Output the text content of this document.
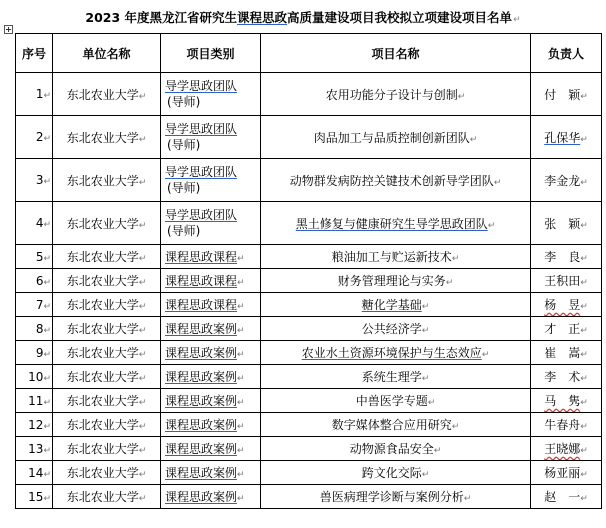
2023 年度黑龙江省研究生课程思政高质量建设项目我校拟立项建设项目名单↵
序号	单位名称	项目类别	项目名称	负责人
1↵	东北农业大学↵	导学思政团队
(导师)	农用功能分子设计与创制↵	付　颖↵
2↵	东北农业大学↵	导学思政团队
(导师)	肉品加工与品质控制创新团队↵	孔保华↵
3↵	东北农业大学↵	导学思政团队
(导师)	动物群发病防控关键技术创新导学团队↵	李金龙↵
4↵	东北农业大学↵	导学思政团队
(导师)	黑土修复与健康研究生导学思政团队↵	张　颖↵
5↵	东北农业大学↵	课程思政课程↵	粮油加工与贮运新技术↵	李　良↵
6↵	东北农业大学↵	课程思政课程↵	财务管理理论与实务↵	王积田↵
7↵	东北农业大学↵	课程思政课程↵	糖化学基础↵	杨　昱↵
8↵	东北农业大学↵	课程思政案例↵	公共经济学↵	才　正↵
9↵	东北农业大学↵	课程思政案例↵	农业水土资源环境保护与生态效应↵	崔　嵩↵
10↵	东北农业大学↵	课程思政案例↵	系统生理学↵	李　术↵
11↵	东北农业大学↵	课程思政案例↵	中兽医学专题↵	马　隽↵
12↵	东北农业大学↵	课程思政案例↵	数字媒体整合应用研究↵	牛春舟↵
13↵	东北农业大学↵	课程思政案例↵	动物源食品安全↵	王晓娜↵
14↵	东北农业大学↵	课程思政案例↵	跨文化交际↵	杨亚丽↵
15↵	东北农业大学↵	课程思政案例↵	兽医病理学诊断与案例分析↵	赵　一↵
